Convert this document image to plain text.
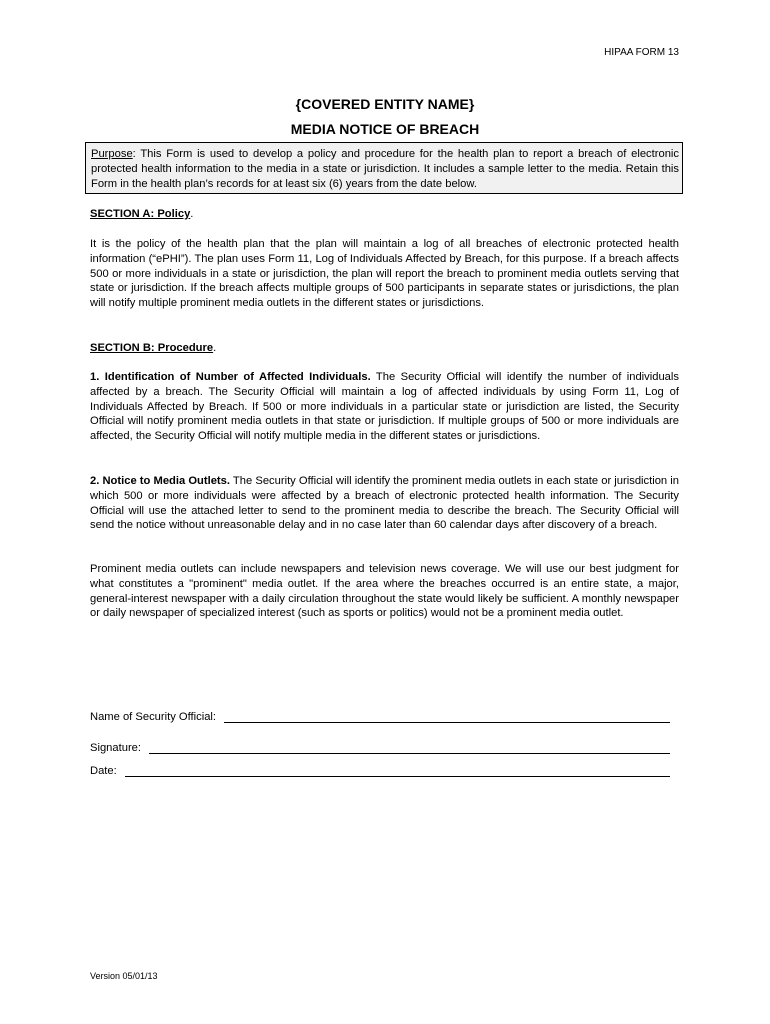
HIPAA FORM 13
{COVERED ENTITY NAME}
MEDIA NOTICE OF BREACH
Purpose: This Form is used to develop a policy and procedure for the health plan to report a breach of electronic protected health information to the media in a state or jurisdiction. It includes a sample letter to the media. Retain this Form in the health plan’s records for at least six (6) years from the date below.
SECTION A: Policy.
It is the policy of the health plan that the plan will maintain a log of all breaches of electronic protected health information (“ePHI”). The plan uses Form 11, Log of Individuals Affected by Breach, for this purpose. If a breach affects 500 or more individuals in a state or jurisdiction, the plan will report the breach to prominent media outlets serving that state or jurisdiction. If the breach affects multiple groups of 500 participants in separate states or jurisdictions, the plan will notify multiple prominent media outlets in the different states or jurisdictions.
SECTION B: Procedure.
1. Identification of Number of Affected Individuals. The Security Official will identify the number of individuals affected by a breach. The Security Official will maintain a log of affected individuals by using Form 11, Log of Individuals Affected by Breach. If 500 or more individuals in a particular state or jurisdiction are listed, the Security Official will notify prominent media outlets in that state or jurisdiction. If multiple groups of 500 or more individuals are affected, the Security Official will notify multiple media in the different states or jurisdictions.
2. Notice to Media Outlets. The Security Official will identify the prominent media outlets in each state or jurisdiction in which 500 or more individuals were affected by a breach of electronic protected health information. The Security Official will use the attached letter to send to the prominent media to describe the breach. The Security Official will send the notice without unreasonable delay and in no case later than 60 calendar days after discovery of a breach.
Prominent media outlets can include newspapers and television news coverage. We will use our best judgment for what constitutes a "prominent" media outlet. If the area where the breaches occurred is an entire state, a major, general-interest newspaper with a daily circulation throughout the state would likely be sufficient. A monthly newspaper or daily newspaper of specialized interest (such as sports or politics) would not be a prominent media outlet.
Name of Security Official:
Signature:
Date:
Version 05/01/13
